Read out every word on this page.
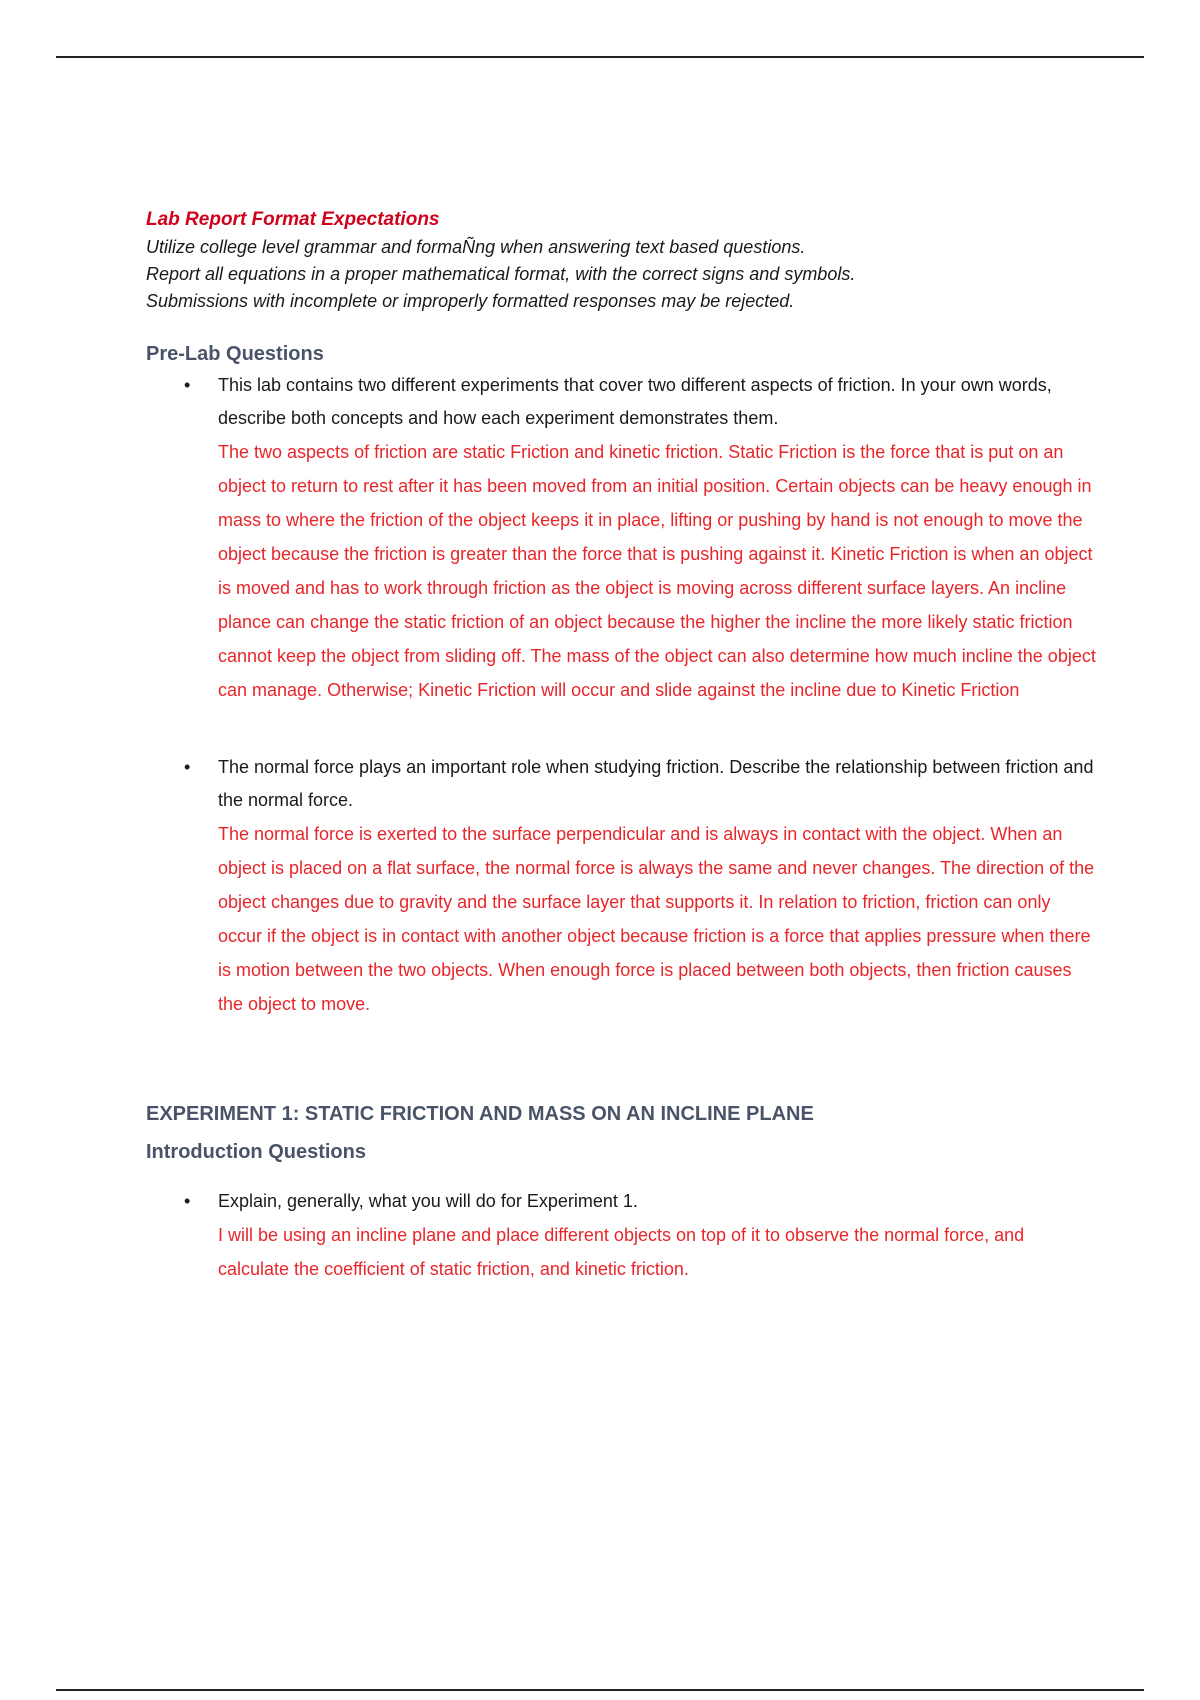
Lab Report Format Expectations
Utilize college level grammar and formaÑng when answering text based questions.
Report all equations in a proper mathematical format, with the correct signs and symbols.
Submissions with incomplete or improperly formatted responses may be rejected.
Pre-Lab Questions
• This lab contains two different experiments that cover two different aspects of friction. In your own words, describe both concepts and how each experiment demonstrates them.
The two aspects of friction are static Friction and kinetic friction. Static Friction is the force that is put on an object to return to rest after it has been moved from an initial position. Certain objects can be heavy enough in mass to where the friction of the object keeps it in place, lifting or pushing by hand is not enough to move the object because the friction is greater than the force that is pushing against it. Kinetic Friction is when an object is moved and has to work through friction as the object is moving across different surface layers. An incline plance can change the static friction of an object because the higher the incline the more likely static friction cannot keep the object from sliding off. The mass of the object can also determine how much incline the object can manage. Otherwise; Kinetic Friction will occur and slide against the incline due to Kinetic Friction
• The normal force plays an important role when studying friction. Describe the relationship between friction and the normal force.
The normal force is exerted to the surface perpendicular and is always in contact with the object. When an object is placed on a flat surface, the normal force is always the same and never changes. The direction of the object changes due to gravity and the surface layer that supports it. In relation to friction, friction can only occur if the object is in contact with another object because friction is a force that applies pressure when there is motion between the two objects. When enough force is placed between both objects, then friction causes the object to move.
EXPERIMENT 1: STATIC FRICTION AND MASS ON AN INCLINE PLANE
Introduction Questions
• Explain, generally, what you will do for Experiment 1.
I will be using an incline plane and place different objects on top of it to observe the normal force, and calculate the coefficient of static friction, and kinetic friction.
